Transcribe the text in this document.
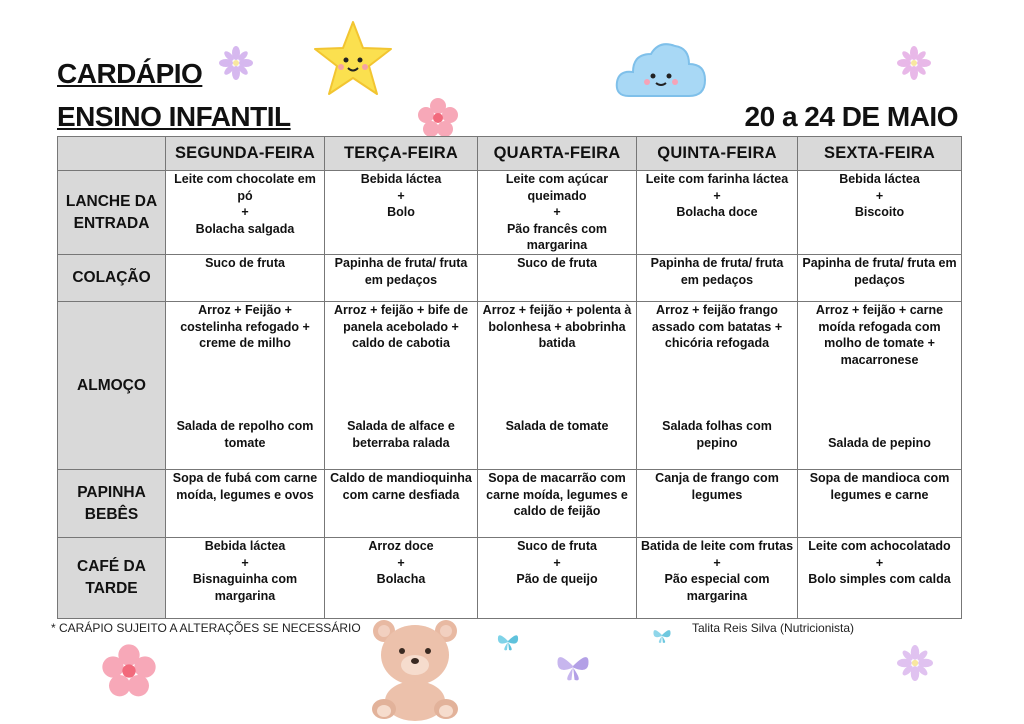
CARDÁPIO
ENSINO INFANTIL	20 a 24 DE MAIO
	SEGUNDA-FEIRA	TERÇA-FEIRA	QUARTA-FEIRA	QUINTA-FEIRA	SEXTA-FEIRA

LANCHE DA
ENTRADA	Leite com chocolate em
pó
+
Bolacha salgada	Bebida láctea
+
Bolo	Leite com açúcar
queimado
+
Pão francês com
margarina	Leite com farinha láctea
+
Bolacha doce	Bebida láctea
+
Biscoito

COLAÇÃO	Suco de fruta	Papinha de fruta/ fruta
em pedaços	Suco de fruta	Papinha de fruta/ fruta
em pedaços	Papinha de fruta/ fruta em
pedaços

ALMOÇO	Arroz + Feijão +
costelinha refogado +
creme de milho
Salada de repolho com
tomate	Arroz + feijão + bife de
panela acebolado +
caldo de cabotia
Salada de alface e
beterraba ralada	Arroz + feijão + polenta à
bolonhesa + abobrinha
batida
Salada de tomate	Arroz + feijão frango
assado com batatas +
chicória refogada
Salada folhas com
pepino	Arroz + feijão + carne
moída refogada com
molho de tomate +
macarronese
Salada de pepino

PAPINHA
BEBÊS	Sopa de fubá com carne
moída, legumes e ovos	Caldo de mandioquinha
com carne desfiada	Sopa de macarrão com
carne moída, legumes e
caldo de feijão	Canja de frango com
legumes	Sopa de mandioca com
legumes e carne

CAFÉ DA
TARDE	Bebida láctea
+
Bisnaguinha com
margarina	Arroz doce
+
Bolacha	Suco de fruta
+
Pão de queijo	Batida de leite com frutas
+
Pão especial com
margarina	Leite com achocolatado
+
Bolo simples com calda
* CARÁPIO SUJEITO A ALTERAÇÕES SE NECESSÁRIO	Talita Reis Silva (Nutricionista)
